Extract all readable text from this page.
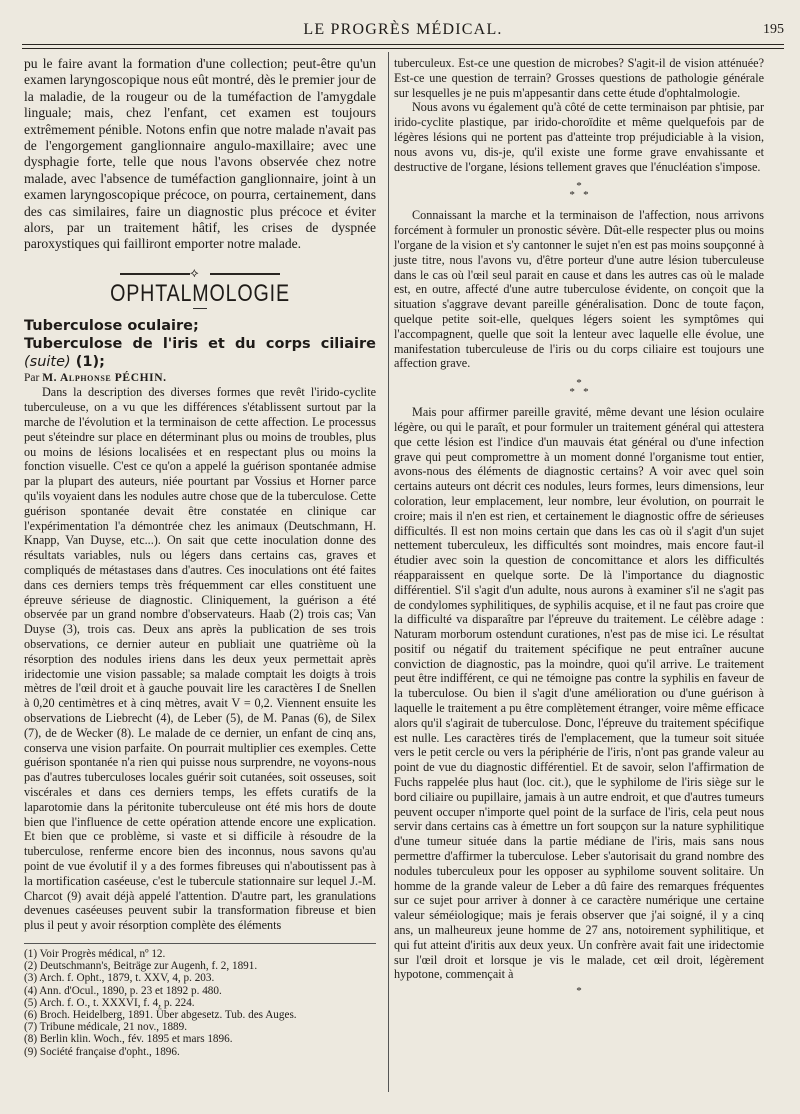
LE PROGRÈS MÉDICAL.	195

pu le faire avant la formation d'une collection; peut-être qu'un examen laryngoscopique nous eût montré, dès le premier jour de la maladie, de la rougeur ou de la tuméfaction de l'amygdale linguale; mais, chez l'enfant, cet examen est toujours extrêmement pénible. Notons enfin que notre malade n'avait pas de l'engorgement ganglionnaire angulo-maxillaire; avec une dysphagie forte, telle que nous l'avons observée chez notre malade, avec l'absence de tuméfaction ganglionnaire, joint à un examen laryngoscopique précoce, on pourra, certainement, dans des cas similaires, faire un diagnostic plus précoce et éviter alors, par un traitement hâtif, les crises de dyspnée paroxystiques qui failliront emporter notre malade.

⟡
OPHTALMOLOGIE

Tuberculose oculaire;

Tuberculose de l'iris et du corps ciliaire (suite) (1);

Par M. Alphonse PÉCHIN.

Dans la description des diverses formes que revêt l'irido-cyclite tuberculeuse, on a vu que les différences s'établissent surtout par la marche de l'évolution et la terminaison de cette affection. Le processus peut s'éteindre sur place en déterminant plus ou moins de troubles, plus ou moins de lésions localisées et en respectant plus ou moins la fonction visuelle. C'est ce qu'on a appelé la guérison spontanée admise par la plupart des auteurs, niée pourtant par Vossius et Horner parce qu'ils voyaient dans les nodules autre chose que de la tuberculose. Cette guérison spontanée devait être constatée en clinique car l'expérimentation l'a démontrée chez les animaux (Deutschmann, H. Knapp, Van Duyse, etc...). On sait que cette inoculation donne des résultats variables, nuls ou légers dans certains cas, graves et compliqués de métastases dans d'autres. Ces inoculations ont été faites dans ces derniers temps très fréquemment car elles constituent une épreuve sérieuse de diagnostic. Cliniquement, la guérison a été observée par un grand nombre d'observateurs. Haab (2) trois cas; Van Duyse (3), trois cas. Deux ans après la publication de ses trois observations, ce dernier auteur en publiait une quatrième où la résorption des nodules iriens dans les deux yeux permettait après iridectomie une vision passable; sa malade comptait les doigts à trois mètres de l'œil droit et à gauche pouvait lire les caractères I de Snellen à 0,20 centimètres et à cinq mètres, avait V = 0,2. Viennent ensuite les observations de Liebrecht (4), de Leber (5), de M. Panas (6), de Silex (7), de de Wecker (8). Le malade de ce dernier, un enfant de cinq ans, conserva une vision parfaite. On pourrait multiplier ces exemples. Cette guérison spontanée n'a rien qui puisse nous surprendre, ne voyons-nous pas d'autres tuberculoses locales guérir soit cutanées, soit osseuses, soit viscérales et dans ces derniers temps, les effets curatifs de la laparotomie dans la péritonite tuberculeuse ont été mis hors de doute bien que l'influence de cette opération attende encore une explication. Et bien que ce problème, si vaste et si difficile à résoudre de la tuberculose, renferme encore bien des inconnus, nous savons qu'au point de vue évolutif il y a des formes fibreuses qui n'aboutissent pas à la mortification caséeuse, c'est le tubercule stationnaire sur lequel J.-M. Charcot (9) avait déjà appelé l'attention. D'autre part, les granulations devenues caséeuses peuvent subir la transformation fibreuse et bien plus il peut y avoir résorption complète des éléments

(1) Voir Progrès médical, nº 12.
(2) Deutschmann's, Beiträge zur Augenh, f. 2, 1891.
(3) Arch. f. Opht., 1879, t. XXV, 4, p. 203.
(4) Ann. d'Ocul., 1890, p. 23 et 1892 p. 480.
(5) Arch. f. O., t. XXXVI, f. 4, p. 224.
(6) Broch. Heidelberg, 1891. Über abgesetz. Tub. des Auges.
(7) Tribune médicale, 21 nov., 1889.
(8) Berlin klin. Woch., fév. 1895 et mars 1896.
(9) Société française d'opht., 1896.

tuberculeux. Est-ce une question de microbes? S'agit-il de vision atténuée? Est-ce une question de terrain? Grosses questions de pathologie générale sur lesquelles je ne puis m'appesantir dans cette étude d'ophtalmologie.

Nous avons vu également qu'à côté de cette terminaison par phtisie, par irido-cyclite plastique, par irido-choroïdite et même quelquefois par de légères lésions qui ne portent pas d'atteinte trop préjudiciable à la vision, nous avons vu, dis-je, qu'il existe une forme grave envahissante et destructive de l'organe, lésions tellement graves que l'énucléation s'impose.

*
*   *

Connaissant la marche et la terminaison de l'affection, nous arrivons forcément à formuler un pronostic sévère. Dût-elle respecter plus ou moins l'organe de la vision et s'y cantonner le sujet n'en est pas moins soupçonné à juste titre, nous l'avons vu, d'être porteur d'une autre lésion tuberculeuse dans le cas où l'œil seul parait en cause et dans les autres cas où le malade est, en outre, affecté d'une autre tuberculose évidente, on conçoit que la situation s'aggrave devant pareille généralisation. Donc de toute façon, quelque petite soit-elle, quelques légers soient les symptômes qui l'accompagnent, quelle que soit la lenteur avec laquelle elle évolue, une manifestation tuberculeuse de l'iris ou du corps ciliaire est toujours une affection grave.

*
*   *

Mais pour affirmer pareille gravité, même devant une lésion oculaire légère, ou qui le paraît, et pour formuler un traitement général qui attestera que cette lésion est l'indice d'un mauvais état général ou d'une infection grave qui peut compromettre à un moment donné l'organisme tout entier, avons-nous des éléments de diagnostic certains? A voir avec quel soin certains auteurs ont décrit ces nodules, leurs formes, leurs dimensions, leur coloration, leur emplacement, leur nombre, leur évolution, on pourrait le croire; mais il n'en est rien, et certainement le diagnostic offre de sérieuses difficultés. Il est non moins certain que dans les cas où il s'agit d'un sujet nettement tuberculeux, les difficultés sont moindres, mais encore faut-il étudier avec soin la question de concomittance et alors les difficultés réapparaissent en quelque sorte. De là l'importance du diagnostic différentiel. S'il s'agit d'un adulte, nous aurons à examiner s'il ne s'agit pas de condylomes syphilitiques, de syphilis acquise, et il ne faut pas croire que la difficulté va disparaître par l'épreuve du traitement. Le célèbre adage : Naturam morborum ostendunt curationes, n'est pas de mise ici. Le résultat positif ou négatif du traitement spécifique ne peut entraîner aucune conviction de diagnostic, pas la moindre, quoi qu'il arrive. Le traitement peut être indifférent, ce qui ne témoigne pas contre la syphilis en faveur de la tuberculose. Ou bien il s'agit d'une amélioration ou d'une guérison à laquelle le traitement a pu être complètement étranger, voire même efficace alors qu'il s'agirait de tuberculose. Donc, l'épreuve du traitement spécifique est nulle. Les caractères tirés de l'emplacement, que la tumeur soit située vers le petit cercle ou vers la périphérie de l'iris, n'ont pas grande valeur au point de vue du diagnostic différentiel. Et de savoir, selon l'affirmation de Fuchs rappelée plus haut (loc. cit.), que le syphilome de l'iris siège sur le bord ciliaire ou pupillaire, jamais à un autre endroit, et que d'autres tumeurs peuvent occuper n'importe quel point de la surface de l'iris, cela peut nous servir dans certains cas à émettre un fort soupçon sur la nature syphilitique d'une tumeur située dans la partie médiane de l'iris, mais sans nous permettre d'affirmer la tuberculose. Leber s'autorisait du grand nombre des nodules tuberculeux pour les opposer au syphilome souvent solitaire. Un homme de la grande valeur de Leber a dû faire des remarques fréquentes sur ce sujet pour arriver à donner à ce caractère numérique une certaine valeur séméiologique; mais je ferais observer que j'ai soigné, il y a cinq ans, un malheureux jeune homme de 27 ans, notoirement syphilitique, et qui fut atteint d'iritis aux deux yeux. Un confrère avait fait une iridectomie sur l'œil droit et lorsque je vis le malade, cet œil droit, légèrement hypotone, commençait à

*
